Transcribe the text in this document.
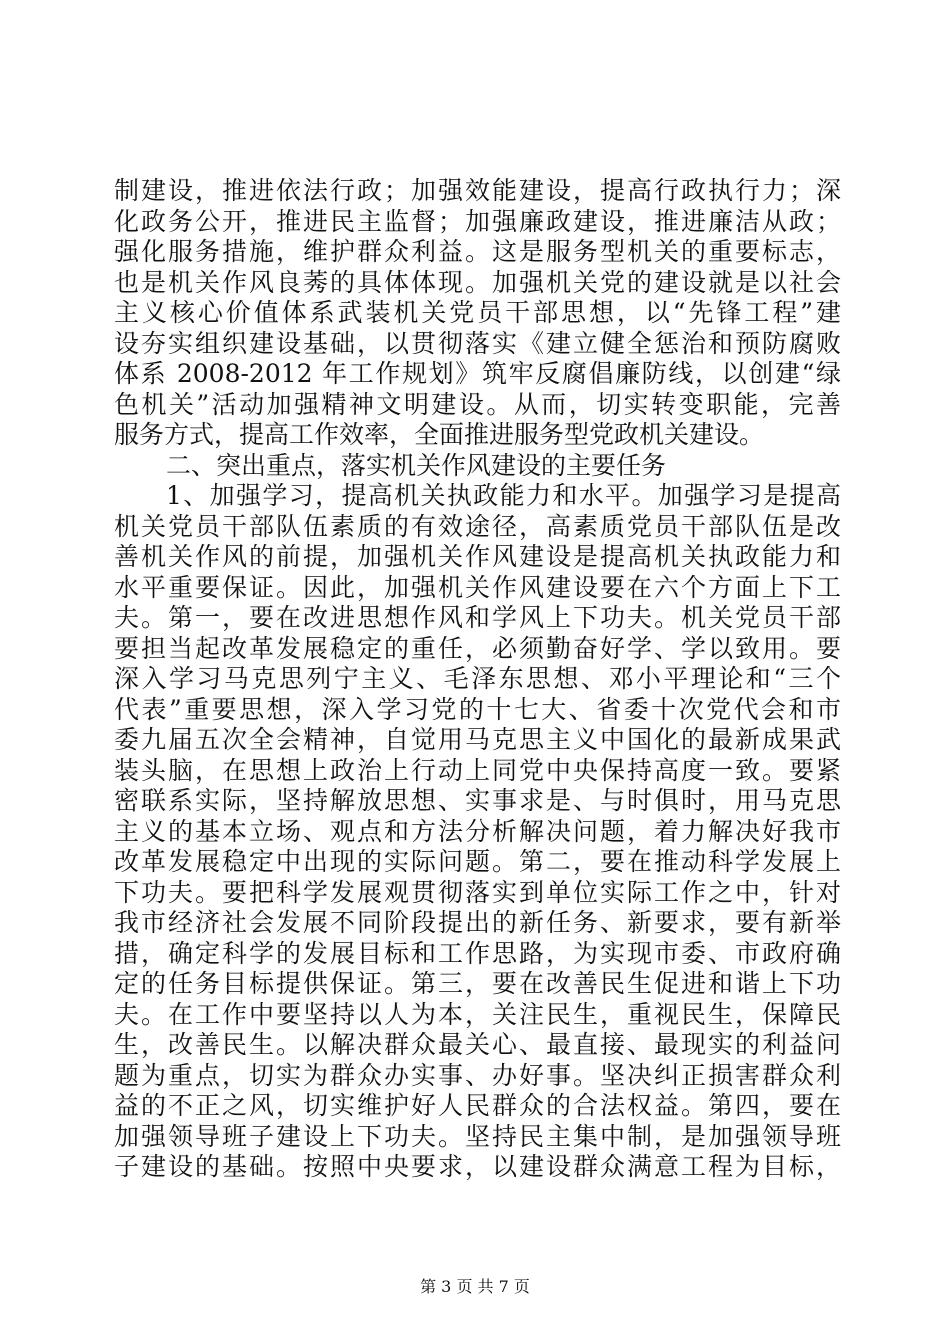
制建设，推进依法行政；加强效能建设，提高行政执行力；深
化政务公开，推进民主监督；加强廉政建设，推进廉洁从政；
强化服务措施，维护群众利益。这是服务型机关的重要标志，
也是机关作风良莠的具体体现。加强机关党的建设就是以社会
主义核心价值体系武装机关党员干部思想，以“先锋工程”建
设夯实组织建设基础，以贯彻落实《建立健全惩治和预防腐败
体系 2008-2012 年工作规划》筑牢反腐倡廉防线，以创建“绿
色机关”活动加强精神文明建设。从而，切实转变职能，完善
服务方式，提高工作效率，全面推进服务型党政机关建设。
二、突出重点，落实机关作风建设的主要任务
1、加强学习，提高机关执政能力和水平。加强学习是提高
机关党员干部队伍素质的有效途径，高素质党员干部队伍是改
善机关作风的前提，加强机关作风建设是提高机关执政能力和
水平重要保证。因此，加强机关作风建设要在六个方面上下工
夫。第一，要在改进思想作风和学风上下功夫。机关党员干部
要担当起改革发展稳定的重任，必须勤奋好学、学以致用。要
深入学习马克思列宁主义、毛泽东思想、邓小平理论和“三个
代表”重要思想，深入学习党的十七大、省委十次党代会和市
委九届五次全会精神，自觉用马克思主义中国化的最新成果武
装头脑，在思想上政治上行动上同党中央保持高度一致。要紧
密联系实际，坚持解放思想、实事求是、与时俱时，用马克思
主义的基本立场、观点和方法分析解决问题，着力解决好我市
改革发展稳定中出现的实际问题。第二，要在推动科学发展上
下功夫。要把科学发展观贯彻落实到单位实际工作之中，针对
我市经济社会发展不同阶段提出的新任务、新要求，要有新举
措，确定科学的发展目标和工作思路，为实现市委、市政府确
定的任务目标提供保证。第三，要在改善民生促进和谐上下功
夫。在工作中要坚持以人为本，关注民生，重视民生，保障民
生，改善民生。以解决群众最关心、最直接、最现实的利益问
题为重点，切实为群众办实事、办好事。坚决纠正损害群众利
益的不正之风，切实维护好人民群众的合法权益。第四，要在
加强领导班子建设上下功夫。坚持民主集中制，是加强领导班
子建设的基础。按照中央要求，以建设群众满意工程为目标，
第 3 页 共 7 页
